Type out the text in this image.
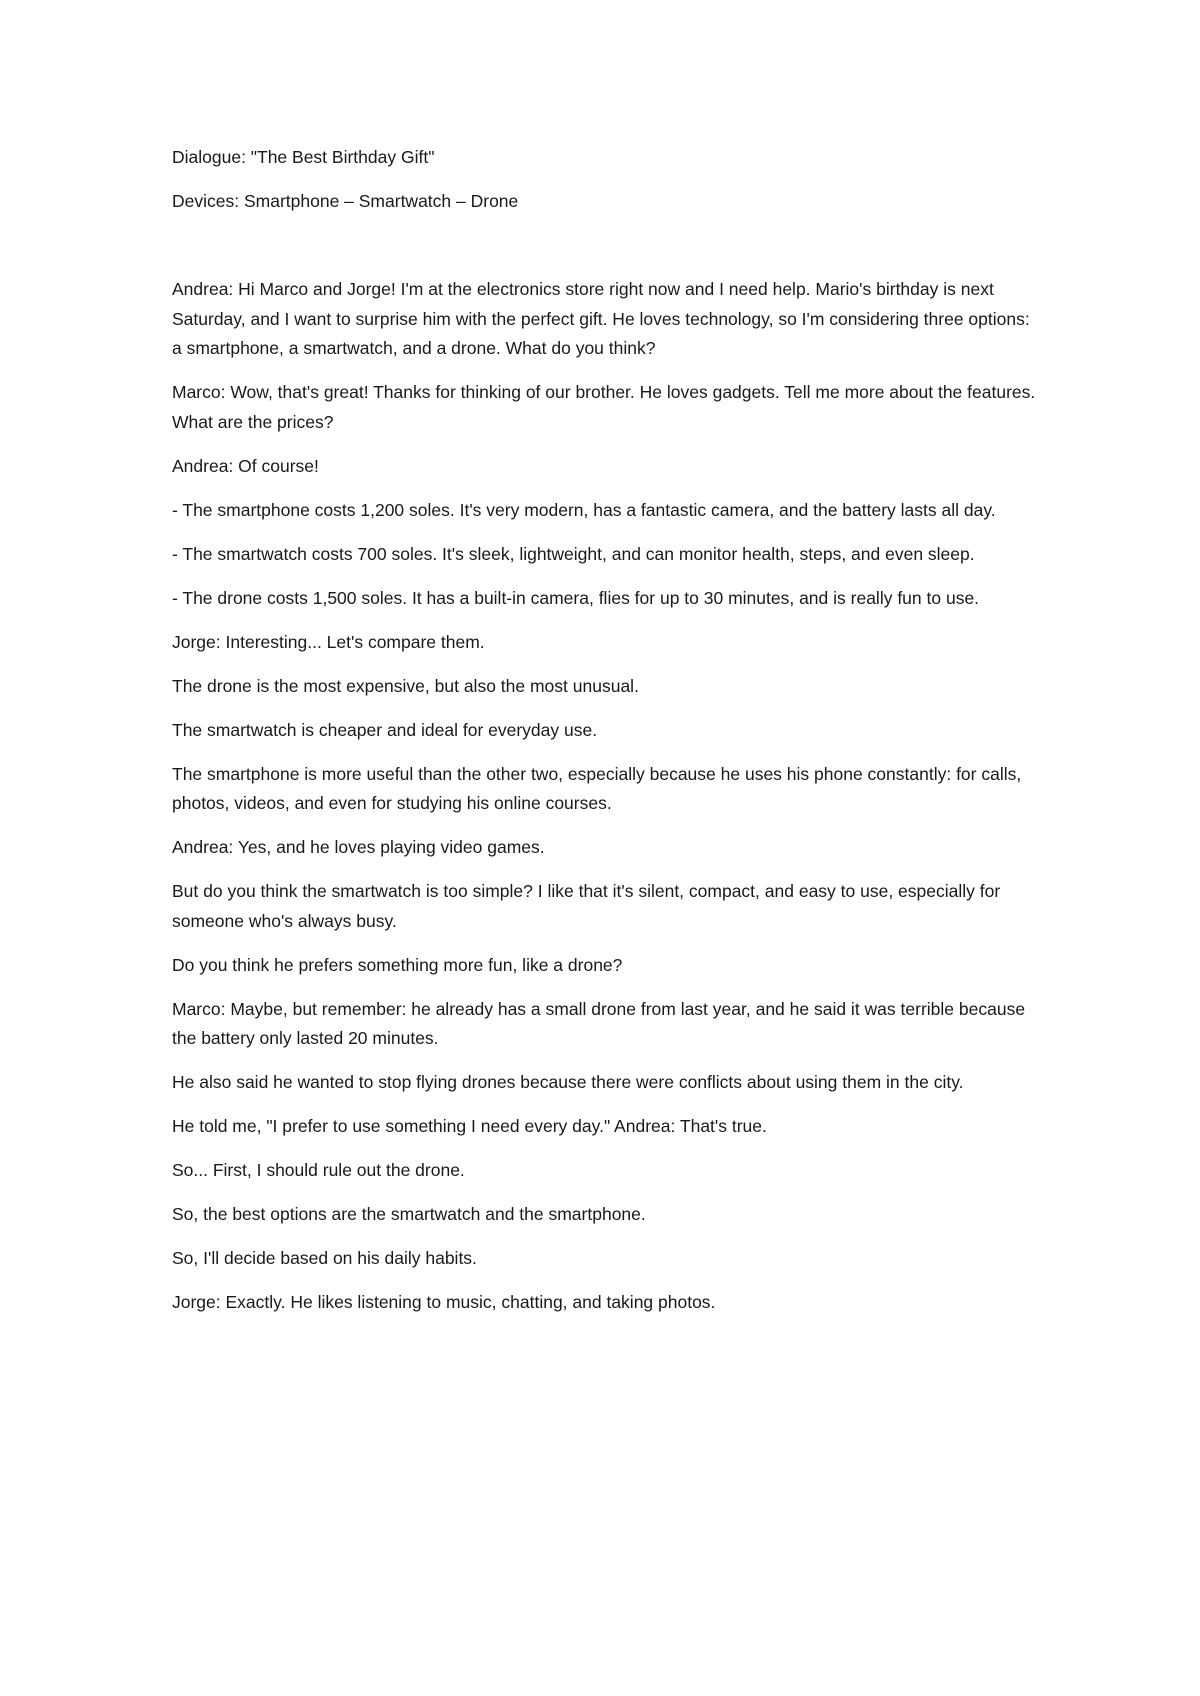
Dialogue: "The Best Birthday Gift"

Devices: Smartphone – Smartwatch – Drone

Andrea: Hi Marco and Jorge! I'm at the electronics store right now and I need help. Mario's birthday is next Saturday, and I want to surprise him with the perfect gift. He loves technology, so I'm considering three options: a smartphone, a smartwatch, and a drone. What do you think?

Marco: Wow, that's great! Thanks for thinking of our brother. He loves gadgets. Tell me more about the features. What are the prices?

Andrea: Of course!

- The smartphone costs 1,200 soles. It's very modern, has a fantastic camera, and the battery lasts all day.

- The smartwatch costs 700 soles. It's sleek, lightweight, and can monitor health, steps, and even sleep.

- The drone costs 1,500 soles. It has a built-in camera, flies for up to 30 minutes, and is really fun to use.

Jorge: Interesting... Let's compare them.

The drone is the most expensive, but also the most unusual.

The smartwatch is cheaper and ideal for everyday use.

The smartphone is more useful than the other two, especially because he uses his phone constantly: for calls, photos, videos, and even for studying his online courses.

Andrea: Yes, and he loves playing video games.

But do you think the smartwatch is too simple? I like that it's silent, compact, and easy to use, especially for someone who's always busy.

Do you think he prefers something more fun, like a drone?

Marco: Maybe, but remember: he already has a small drone from last year, and he said it was terrible because the battery only lasted 20 minutes.

He also said he wanted to stop flying drones because there were conflicts about using them in the city.

He told me, "I prefer to use something I need every day." Andrea: That's true.

So... First, I should rule out the drone.

So, the best options are the smartwatch and the smartphone.

So, I'll decide based on his daily habits.

Jorge: Exactly. He likes listening to music, chatting, and taking photos.
